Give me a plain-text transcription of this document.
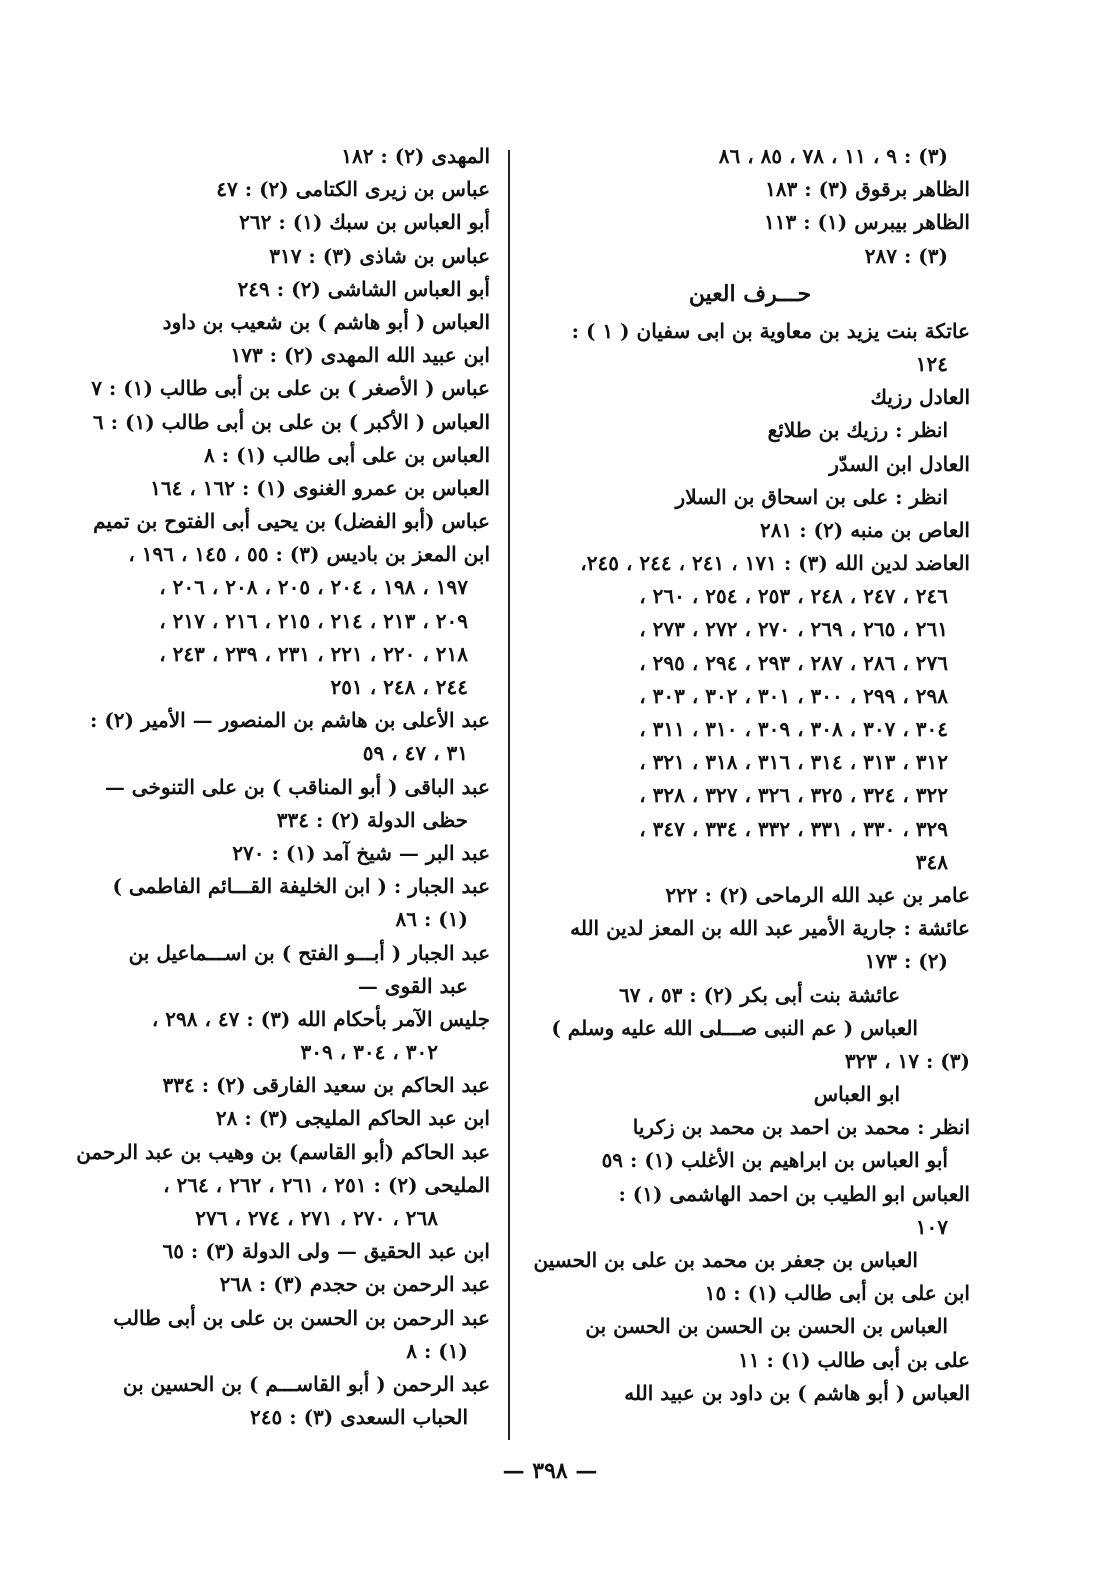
(٣) : ٩ ، ١١ ، ٧٨ ، ٨٥ ، ٨٦
الظاهر برقوق (٣) : ١٨٣
الظاهر بيبرس (١) : ١١٣
(٣) : ٢٨٧
حـــرف العين
عاتكة بنت يزيد بن معاوية بن ابى سفيان ( ١ ) :
١٢٤
العادل رزيك
انظر : رزيك بن طلائع
العادل ابن السدّر
انظر : على بن اسحاق بن السلار
العاص بن منبه (٢) : ٢٨١
العاضد لدين الله (٣) : ١٧١ ، ٢٤١ ، ٢٤٤ ، ٢٤٥،
٢٤٦ ، ٢٤٧ ، ٢٤٨ ، ٢٥٣ ، ٢٥٤ ، ٢٦٠ ،
٢٦١ ، ٢٦٥ ، ٢٦٩ ، ٢٧٠ ، ٢٧٢ ، ٢٧٣ ،
٢٧٦ ، ٢٨٦ ، ٢٨٧ ، ٢٩٣ ، ٢٩٤ ، ٢٩٥ ،
٢٩٨ ، ٢٩٩ ، ٣٠٠ ، ٣٠١ ، ٣٠٢ ، ٣٠٣ ،
٣٠٤ ، ٣٠٧ ، ٣٠٨ ، ٣٠٩ ، ٣١٠ ، ٣١١ ،
٣١٢ ، ٣١٣ ، ٣١٤ ، ٣١٦ ، ٣١٨ ، ٣٢١ ،
٣٢٢ ، ٣٢٤ ، ٣٢٥ ، ٣٢٦ ، ٣٢٧ ، ٣٢٨ ،
٣٢٩ ، ٣٣٠ ، ٣٣١ ، ٣٣٢ ، ٣٣٤ ، ٣٤٧ ،
٣٤٨
عامر بن عبد الله الرماحى (٢) : ٢٢٢
عائشة : جارية الأمير عبد الله بن المعز لدين الله
(٢) : ١٧٣
عائشة بنت أبى بكر (٢) : ٥٣ ، ٦٧
العباس ( عم النبى صـــلى الله عليه وسلم )
(٣) : ١٧ ، ٣٢٣
ابو العباس
انظر : محمد بن احمد بن محمد بن زكريا
أبو العباس بن ابراهيم بن الأغلب (١) : ٥٩
العباس ابو الطيب بن احمد الهاشمى (١) :
١٠٧
العباس بن جعفر بن محمد بن على بن الحسين
ابن على بن أبى طالب (١) : ١٥
العباس بن الحسن بن الحسن بن الحسن بن
على بن أبى طالب (١) : ١١
العباس ( أبو هاشم ) بن داود بن عبيد الله
المهدى (٢) : ١٨٢
عباس بن زيرى الكتامى (٢) : ٤٧
أبو العباس بن سبك (١) : ٢٦٢
عباس بن شاذى (٣) : ٣١٧
أبو العباس الشاشى (٢) : ٢٤٩
العباس ( أبو هاشم ) بن شعيب بن داود
ابن عبيد الله المهدى (٢) : ١٧٣
عباس ( الأصغر ) بن على بن أبى طالب (١) : ٧
العباس ( الأكبر ) بن على بن أبى طالب (١) : ٦
العباس بن على أبى طالب (١) : ٨
العباس بن عمرو الغنوى (١) : ١٦٢ ، ١٦٤
عباس (أبو الفضل) بن يحيى أبى الفتوح بن تميم
ابن المعز بن باديس (٣) : ٥٥ ، ١٤٥ ، ١٩٦ ،
١٩٧ ، ١٩٨ ، ٢٠٤ ، ٢٠٥ ، ٢٠٨ ، ٢٠٦ ،
٢٠٩ ، ٢١٣ ، ٢١٤ ، ٢١٥ ، ٢١٦ ، ٢١٧ ،
٢١٨ ، ٢٢٠ ، ٢٢١ ، ٢٣١ ، ٢٣٩ ، ٢٤٣ ،
٢٤٤ ، ٢٤٨ ، ٢٥١
عبد الأعلى بن هاشم بن المنصور — الأمير (٢) :
٣١ ، ٤٧ ، ٥٩
عبد الباقى ( أبو المناقب ) بن على التنوخى —
حظى الدولة (٢) : ٣٣٤
عبد البر — شيخ آمد (١) : ٢٧٠
عبد الجبار : ( ابن الخليفة القـــائم الفاطمى )
(١) : ٨٦
عبد الجبار ( أبـــو الفتح ) بن اســـماعيل بن
عبد القوى —
جليس الآمر بأحكام الله (٣) : ٤٧ ، ٢٩٨ ،
٣٠٢ ، ٣٠٤ ، ٣٠٩
عبد الحاكم بن سعيد الفارقى (٢) : ٣٣٤
ابن عبد الحاكم المليجى (٣) : ٢٨
عبد الحاكم (أبو القاسم) بن وهيب بن عبد الرحمن
المليحى (٢) : ٢٥١ ، ٢٦١ ، ٢٦٢ ، ٢٦٤ ،
٢٦٨ ، ٢٧٠ ، ٢٧١ ، ٢٧٤ ، ٢٧٦
ابن عبد الحقيق — ولى الدولة (٣) : ٦٥
عبد الرحمن بن حجدم (٣) : ٢٦٨
عبد الرحمن بن الحسن بن على بن أبى طالب
(١) : ٨
عبد الرحمن ( أبو القاســـم ) بن الحسين بن
الحباب السعدى (٣) : ٢٤٥
— ٣٩٨ —
